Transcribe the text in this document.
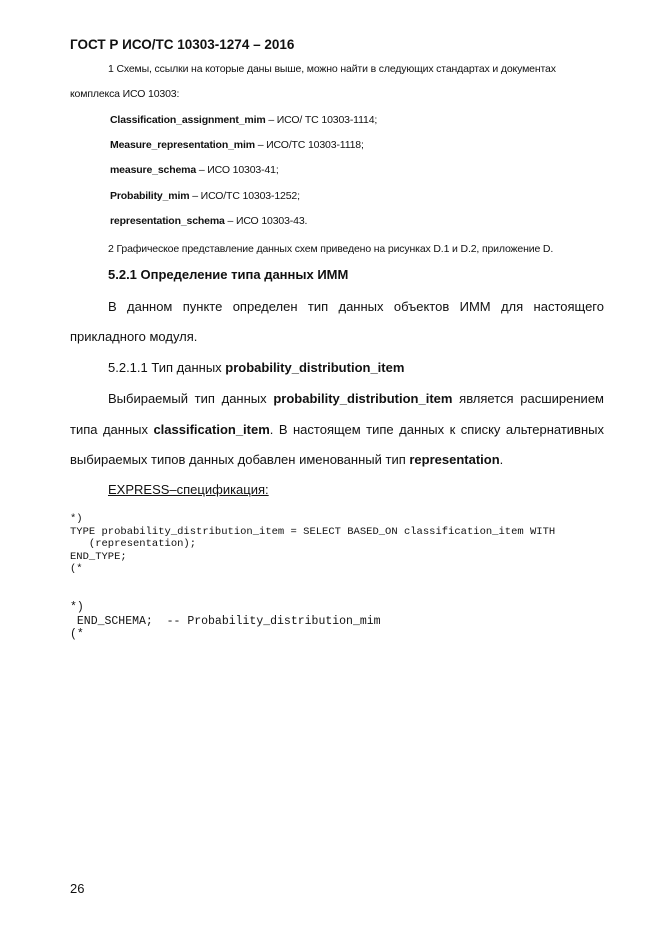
ГОСТ Р ИСО/ТС 10303-1274 – 2016
1 Схемы, ссылки на которые даны выше, можно найти в следующих стандартах и документах
комплекса ИСО 10303:
Classification_assignment_mim – ИСО/ ТС 10303-1114;
Measure_representation_mim – ИСО/ТС 10303-1118;
measure_schema – ИСО 10303-41;
Probability_mim – ИСО/ТС 10303-1252;
representation_schema – ИСО 10303-43.
2 Графическое представление данных схем приведено на рисунках D.1 и D.2, приложение D.
5.2.1 Определение типа данных ИММ
В данном пункте определен тип данных объектов ИММ для настоящего
прикладного модуля.
5.2.1.1 Тип данных probability_distribution_item
Выбираемый тип данных probability_distribution_item является расширением
типа данных classification_item. В настоящем типе данных к списку альтернативных
выбираемых типов данных добавлен именованный тип representation.
EXPRESS–спецификация:
*)
TYPE probability_distribution_item = SELECT BASED_ON classification_item WITH
(representation);
END_TYPE;
(*
*)
END_SCHEMA;  -- Probability_distribution_mim
(*
26
